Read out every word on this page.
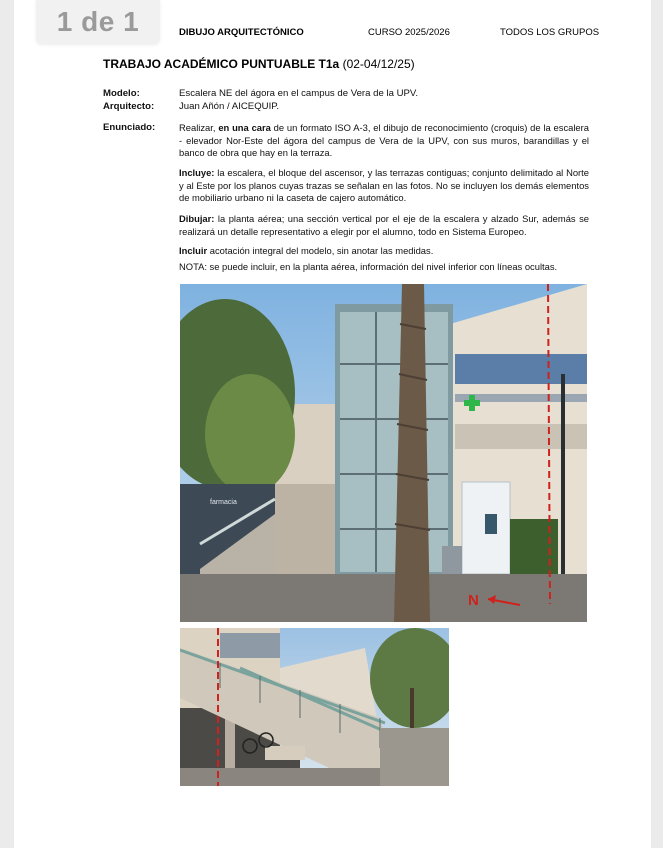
DIBUJO ARQUITECTÓNICO	CURSO 2025/2026	TODOS LOS GRUPOS
TRABAJO ACADÉMICO PUNTUABLE T1a (02-04/12/25)
Modelo:	Escalera NE del ágora en el campus de Vera de la UPV.
Arquitecto:	Juan Añón / AICEQUIP.
Enunciado:	Realizar, en una cara de un formato ISO A-3, el dibujo de reconocimiento (croquis) de la escalera - elevador Nor-Este del ágora del campus de Vera de la UPV, con sus muros, barandillas y el banco de obra que hay en la terraza.
Incluye: la escalera, el bloque del ascensor, y las terrazas contiguas; conjunto delimitado al Norte y al Este por los planos cuyas trazas se señalan en las fotos. No se incluyen los demás elementos de mobiliario urbano ni la caseta de cajero automático.
Dibujar: la planta aérea; una sección vertical por el eje de la escalera y alzado Sur, además se realizará un detalle representativo a elegir por el alumno, todo en Sistema Europeo.
Incluir acotación integral del modelo, sin anotar las medidas.
NOTA: se puede incluir, en la planta aérea, información del nivel inferior con líneas ocultas.
farmacia
N
1 de 1
